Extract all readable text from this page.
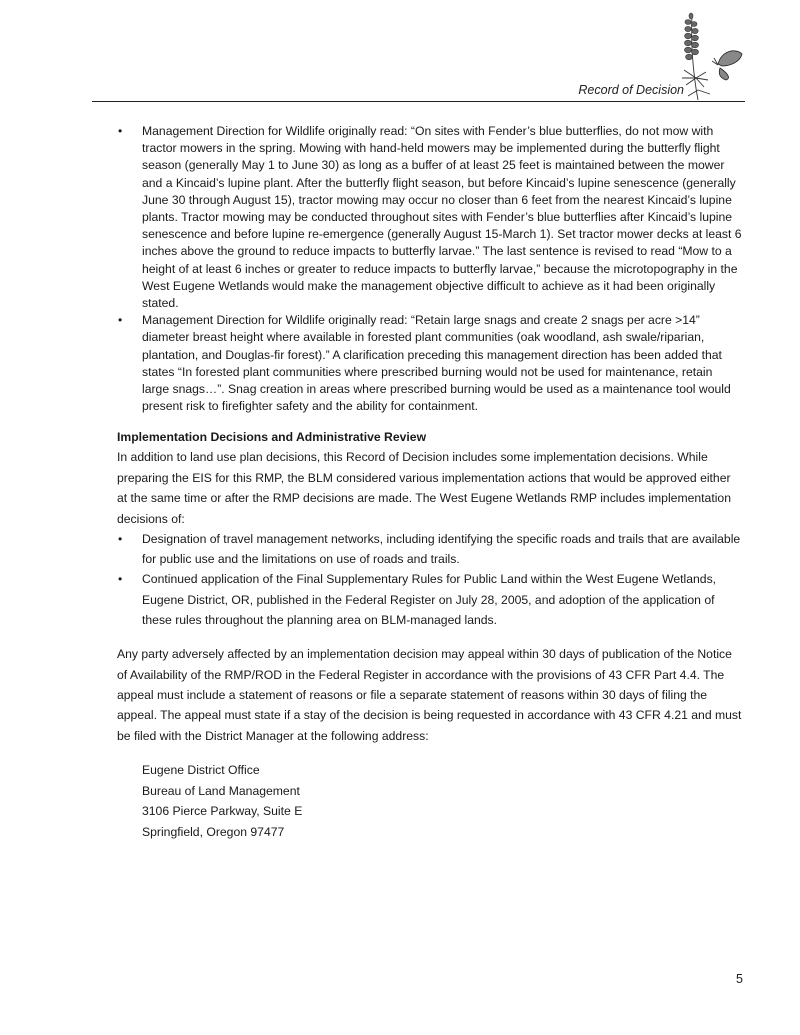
Record of Decision
• Management Direction for Wildlife originally read: “On sites with Fender’s blue butterflies, do not mow with tractor mowers in the spring. Mowing with hand-held mowers may be implemented during the butterfly flight season (generally May 1 to June 30) as long as a buffer of at least 25 feet is maintained between the mower and a Kincaid’s lupine plant. After the butterfly flight season, but before Kincaid’s lupine senescence (generally June 30 through August 15), tractor mowing may occur no closer than 6 feet from the nearest Kincaid’s lupine plants. Tractor mowing may be conducted throughout sites with Fender’s blue butterflies after Kincaid’s lupine senescence and before lupine re-emergence (generally August 15-March 1). Set tractor mower decks at least 6 inches above the ground to reduce impacts to butterfly larvae.” The last sentence is revised to read “Mow to a height of at least 6 inches or greater to reduce impacts to butterfly larvae,” because the microtopography in the West Eugene Wetlands would make the management objective difficult to achieve as it had been originally stated.
• Management Direction for Wildlife originally read: “Retain large snags and create 2 snags per acre >14” diameter breast height where available in forested plant communities (oak woodland, ash swale/riparian, plantation, and Douglas-fir forest).” A clarification preceding this management direction has been added that states “In forested plant communities where prescribed burning would not be used for maintenance, retain large snags…”. Snag creation in areas where prescribed burning would be used as a maintenance tool would present risk to firefighter safety and the ability for containment.
Implementation Decisions and Administrative Review

In addition to land use plan decisions, this Record of Decision includes some implementation decisions. While preparing the EIS for this RMP, the BLM considered various implementation actions that would be approved either at the same time or after the RMP decisions are made. The West Eugene Wetlands RMP includes implementation decisions of:

• Designation of travel management networks, including identifying the specific roads and trails that are available for public use and the limitations on use of roads and trails.
• Continued application of the Final Supplementary Rules for Public Land within the West Eugene Wetlands, Eugene District, OR, published in the Federal Register on July 28, 2005, and adoption of the application of these rules throughout the planning area on BLM-managed lands.

Any party adversely affected by an implementation decision may appeal within 30 days of publication of the Notice of Availability of the RMP/ROD in the Federal Register in accordance with the provisions of 43 CFR Part 4.4. The appeal must include a statement of reasons or file a separate statement of reasons within 30 days of filing the appeal. The appeal must state if a stay of the decision is being requested in accordance with 43 CFR 4.21 and must be filed with the District Manager at the following address:

Eugene District Office
Bureau of Land Management
3106 Pierce Parkway, Suite E
Springfield, Oregon 97477
5
